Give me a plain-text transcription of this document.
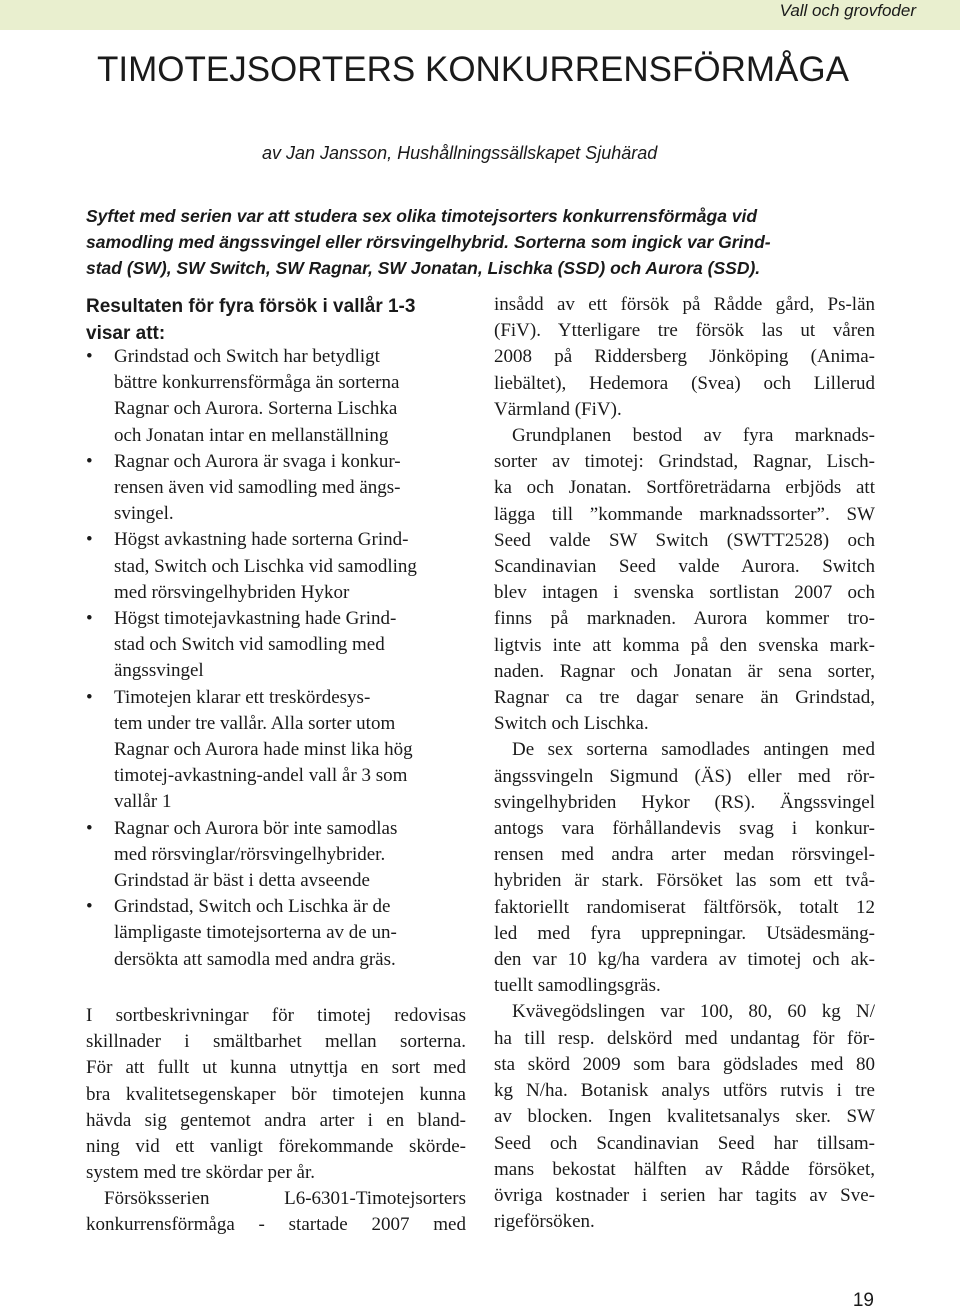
Vall och grovfoder
TIMOTEJSORTERS KONKURRENSFÖRMÅGA
av Jan Jansson, Hushållningssällskapet Sjuhärad
Syftet med serien var att studera sex olika timotejsorters konkurrensförmåga vid
samodling med ängssvingel eller rörsvingelhybrid. Sorterna som ingick var Grind-
stad (SW), SW Switch, SW Ragnar, SW Jonatan, Lischka (SSD) och Aurora (SSD).
Resultaten för fyra försök i vallår 1-3
visar att:
• Grindstad och Switch har betydligt
bättre konkurrensförmåga än sorterna
Ragnar och Aurora. Sorterna Lischka
och Jonatan intar en mellanställning
• Ragnar och Aurora är svaga i konkur-
rensen även vid samodling med ängs-
svingel.
• Högst avkastning hade sorterna Grind-
stad, Switch och Lischka vid samodling
med rörsvingelhybriden Hykor
• Högst timotejavkastning hade Grind-
stad och Switch vid samodling med
ängssvingel
• Timotejen klarar ett treskördesys-
tem under tre vallår. Alla sorter utom
Ragnar och Aurora hade minst lika hög
timotej-avkastning-andel vall år 3 som
vallår 1
• Ragnar och Aurora bör inte samodlas
med rörsvinglar/rörsvingelhybrider.
Grindstad är bäst i detta avseende
• Grindstad, Switch och Lischka är de
lämpligaste timotejsorterna av de un-
dersökta att samodla med andra gräs.
I sortbeskrivningar för timotej redovisas
skillnader i smältbarhet mellan sorterna.
För att fullt ut kunna utnyttja en sort med
bra kvalitetsegenskaper bör timotejen kunna
hävda sig gentemot andra arter i en bland-
ning vid ett vanligt förekommande skörde-
system med tre skördar per år.
Försöksserien L6-6301-Timotejsorters
konkurrensförmåga - startade 2007 med
insådd av ett försök på Rådde gård, Ps-län
(FiV). Ytterligare tre försök las ut våren
2008 på Riddersberg Jönköping (Anima-
liebältet), Hedemora (Svea) och Lillerud
Värmland (FiV).
Grundplanen bestod av fyra marknads-
sorter av timotej: Grindstad, Ragnar, Lisch-
ka och Jonatan. Sortföreträdarna erbjöds att
lägga till ”kommande marknadssorter”. SW
Seed valde SW Switch (SWTT2528) och
Scandinavian Seed valde Aurora. Switch
blev intagen i svenska sortlistan 2007 och
finns på marknaden. Aurora kommer tro-
ligtvis inte att komma på den svenska mark-
naden. Ragnar och Jonatan är sena sorter,
Ragnar ca tre dagar senare än Grindstad,
Switch och Lischka.
De sex sorterna samodlades antingen med
ängssvingeln Sigmund (ÄS) eller med rör-
svingelhybriden Hykor (RS). Ängssvingel
antogs vara förhållandevis svag i konkur-
rensen med andra arter medan rörsvingel-
hybriden är stark. Försöket las som ett två-
faktoriellt randomiserat fältförsök, totalt 12
led med fyra upprepningar. Utsädesmäng-
den var 10 kg/ha vardera av timotej och ak-
tuellt samodlingsgräs.
Kvävegödslingen var 100, 80, 60 kg N/
ha till resp. delskörd med undantag för för-
sta skörd 2009 som bara gödslades med 80
kg N/ha. Botanisk analys utförs rutvis i tre
av blocken. Ingen kvalitetsanalys sker. SW
Seed och Scandinavian Seed har tillsam-
mans bekostat hälften av Rådde försöket,
övriga kostnader i serien har tagits av Sve-
rigeförsöken.
19
